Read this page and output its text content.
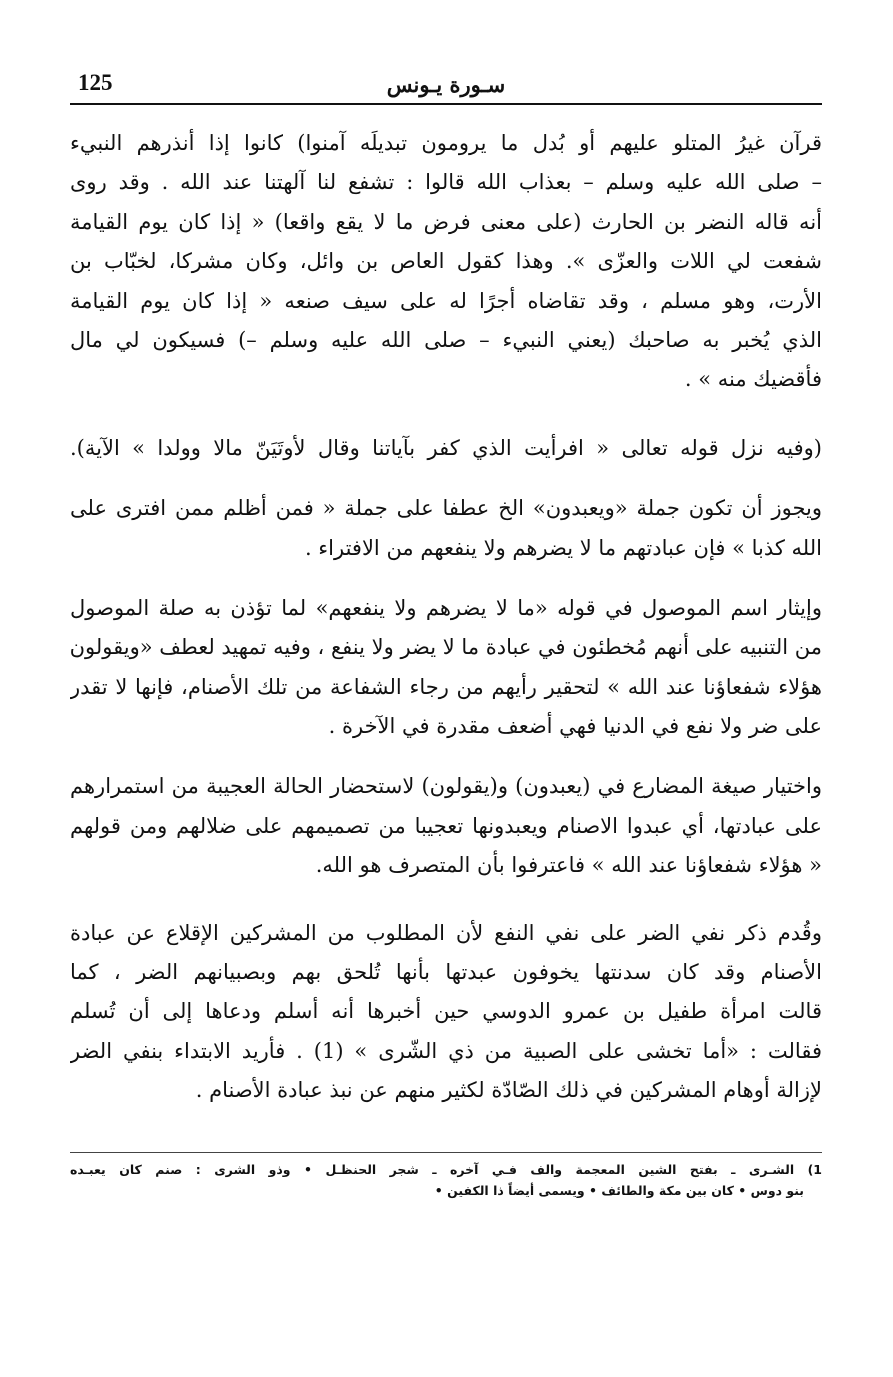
125	سـورة يـونس
قرآن غيرُ المتلو عليهم أو بُدل ما يرومون تبديلَه آمنوا) كانوا إذا أنذرهم النبيء
– صلى الله عليه وسلم – بعذاب الله قالوا : تشفع لنا آلهتنا عند الله . وقد روى
أنه قاله النضر بن الحارث (على معنى فرض ما لا يقع واقعا) « إذا كان يوم القيامة
شفعت لي اللات والعزّى ». وهذا كقول العاص بن وائل، وكان مشركا، لخبّاب بن
الأرت، وهو مسلم ، وقد تقاضاه أجرًا له على سيف صنعه « إذا كان يوم القيامة
الذي يُخبر به صاحبك (يعني النبيء – صلى الله عليه وسلم –) فسيكون لي مال
فأقضيك منه » .
(وفيه نزل قوله تعالى « افرأيت الذي كفر بآياتنا وقال لأوتَيَنّ مالا وولدا » الآية).
ويجوز أن تكون جملة «ويعبدون» الخ عطفا على جملة « فمن أظلم ممن افترى على
الله كذبا » فإن عبادتهم ما لا يضرهم ولا ينفعهم من الافتراء .
وإيثار اسم الموصول في قوله «ما لا يضرهم ولا ينفعهم» لما تؤذن به صلة الموصول
من التنبيه على أنهم مُخطئون في عبادة ما لا يضر ولا ينفع ، وفيه تمهيد لعطف «ويقولون
هؤلاء شفعاؤنا عند الله » لتحقير رأيهم من رجاء الشفاعة من تلك الأصنام، فإنها لا تقدر
على ضر ولا نفع في الدنيا فهي أضعف مقدرة في الآخرة .
واختيار صيغة المضارع في (يعبدون) و(يقولون) لاستحضار الحالة العجيبة من استمرارهم
على عبادتها، أي عبدوا الاصنام ويعبدونها تعجيبا من تصميمهم على ضلالهم ومن قولهم
« هؤلاء شفعاؤنا عند الله » فاعترفوا بأن المتصرف هو الله.
وقُدم ذكر نفي الضر على نفي النفع لأن المطلوب من المشركين الإقلاع عن عبادة
الأصنام وقد كان سدنتها يخوفون عبدتها بأنها تُلحق بهم وبصبيانهم الضر ، كما
قالت امرأة طفيل بن عمرو الدوسي حين أخبرها أنه أسلم ودعاها إلى أن تُسلم
فقالت : «أما تخشى على الصبية من ذي الشّرى » (1) . فأريد الابتداء بنفي الضر
لإزالة أوهام المشركين في ذلك الصّادّة لكثير منهم عن نبذ عبادة الأصنام .
1) الشـرى ـ بفتح الشين المعجمة والف فـي آخره ـ شجر الحنظـل • وذو الشرى : صنم كان يعبـده
بنو دوس • كان بين مكة والطائف • ويسمى أيضاً ذا الكفين •
